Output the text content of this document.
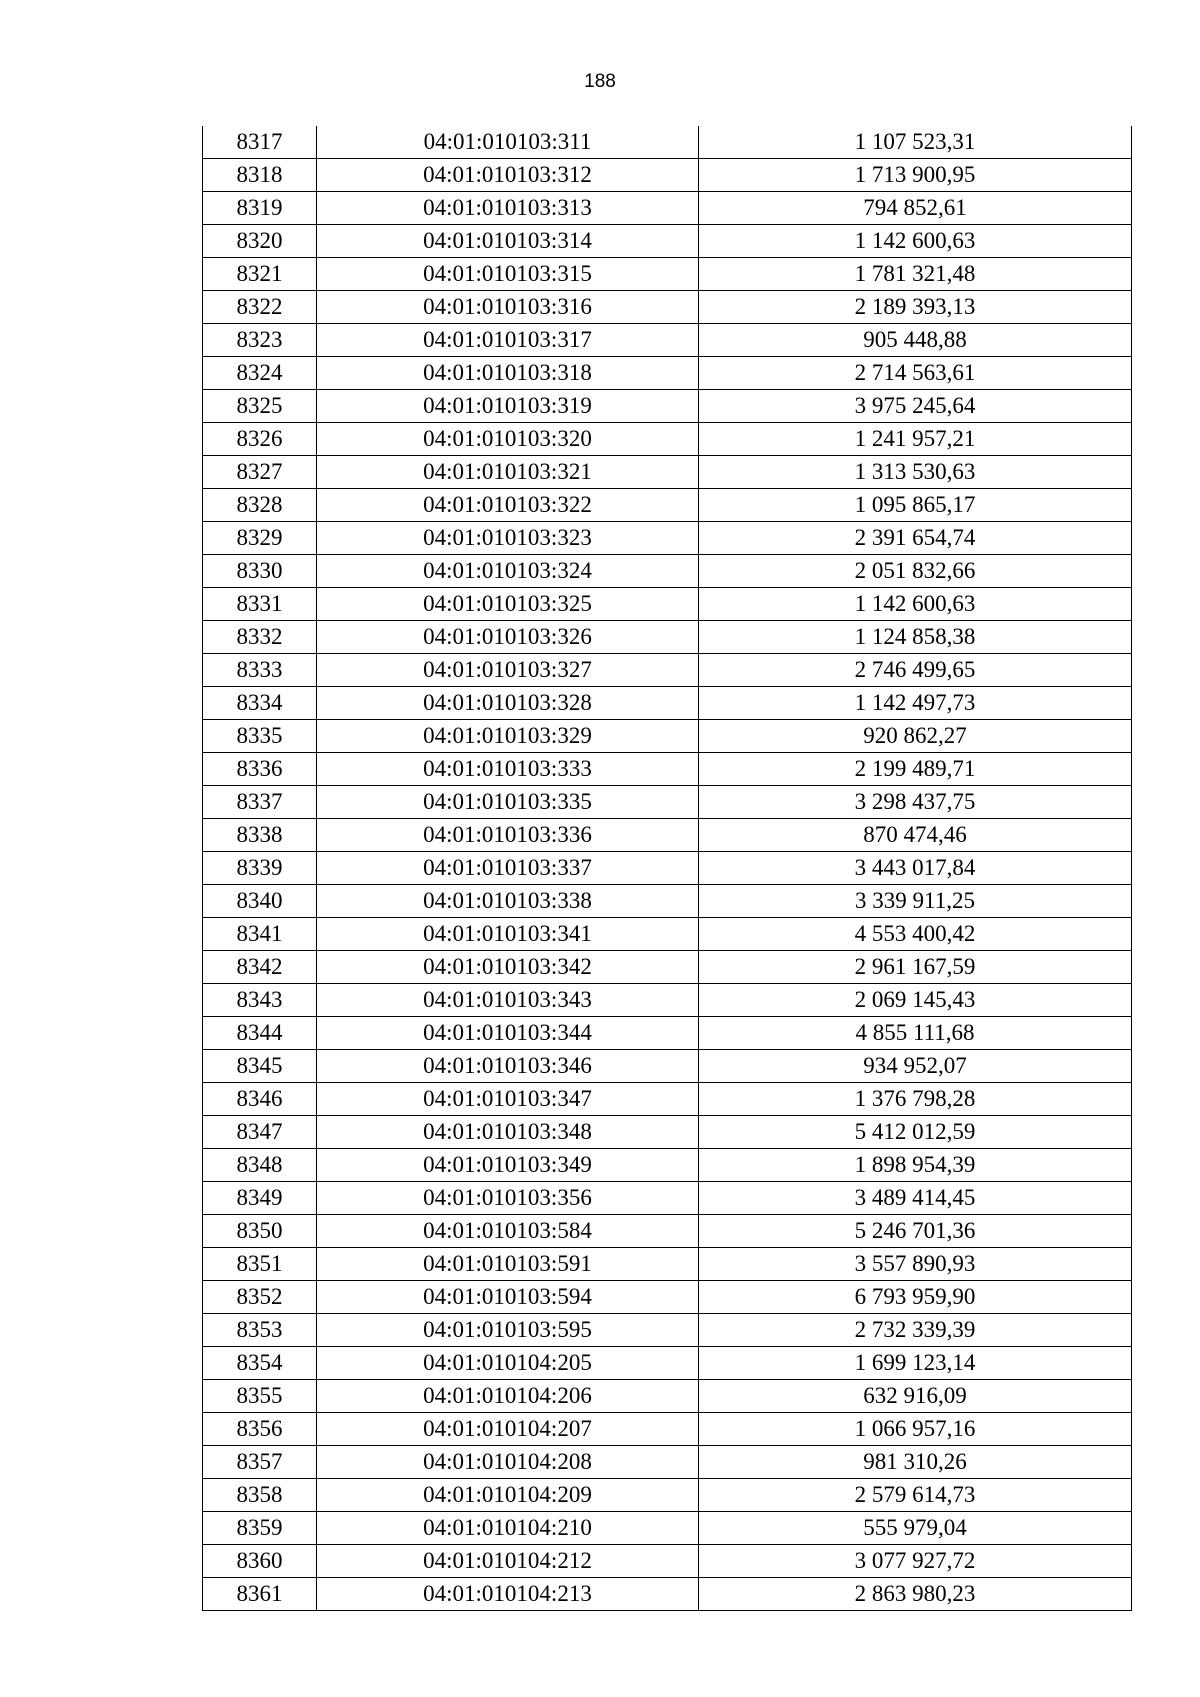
188
8317	04:01:010103:311	1 107 523,31
8318	04:01:010103:312	1 713 900,95
8319	04:01:010103:313	794 852,61
8320	04:01:010103:314	1 142 600,63
8321	04:01:010103:315	1 781 321,48
8322	04:01:010103:316	2 189 393,13
8323	04:01:010103:317	905 448,88
8324	04:01:010103:318	2 714 563,61
8325	04:01:010103:319	3 975 245,64
8326	04:01:010103:320	1 241 957,21
8327	04:01:010103:321	1 313 530,63
8328	04:01:010103:322	1 095 865,17
8329	04:01:010103:323	2 391 654,74
8330	04:01:010103:324	2 051 832,66
8331	04:01:010103:325	1 142 600,63
8332	04:01:010103:326	1 124 858,38
8333	04:01:010103:327	2 746 499,65
8334	04:01:010103:328	1 142 497,73
8335	04:01:010103:329	920 862,27
8336	04:01:010103:333	2 199 489,71
8337	04:01:010103:335	3 298 437,75
8338	04:01:010103:336	870 474,46
8339	04:01:010103:337	3 443 017,84
8340	04:01:010103:338	3 339 911,25
8341	04:01:010103:341	4 553 400,42
8342	04:01:010103:342	2 961 167,59
8343	04:01:010103:343	2 069 145,43
8344	04:01:010103:344	4 855 111,68
8345	04:01:010103:346	934 952,07
8346	04:01:010103:347	1 376 798,28
8347	04:01:010103:348	5 412 012,59
8348	04:01:010103:349	1 898 954,39
8349	04:01:010103:356	3 489 414,45
8350	04:01:010103:584	5 246 701,36
8351	04:01:010103:591	3 557 890,93
8352	04:01:010103:594	6 793 959,90
8353	04:01:010103:595	2 732 339,39
8354	04:01:010104:205	1 699 123,14
8355	04:01:010104:206	632 916,09
8356	04:01:010104:207	1 066 957,16
8357	04:01:010104:208	981 310,26
8358	04:01:010104:209	2 579 614,73
8359	04:01:010104:210	555 979,04
8360	04:01:010104:212	3 077 927,72
8361	04:01:010104:213	2 863 980,23
